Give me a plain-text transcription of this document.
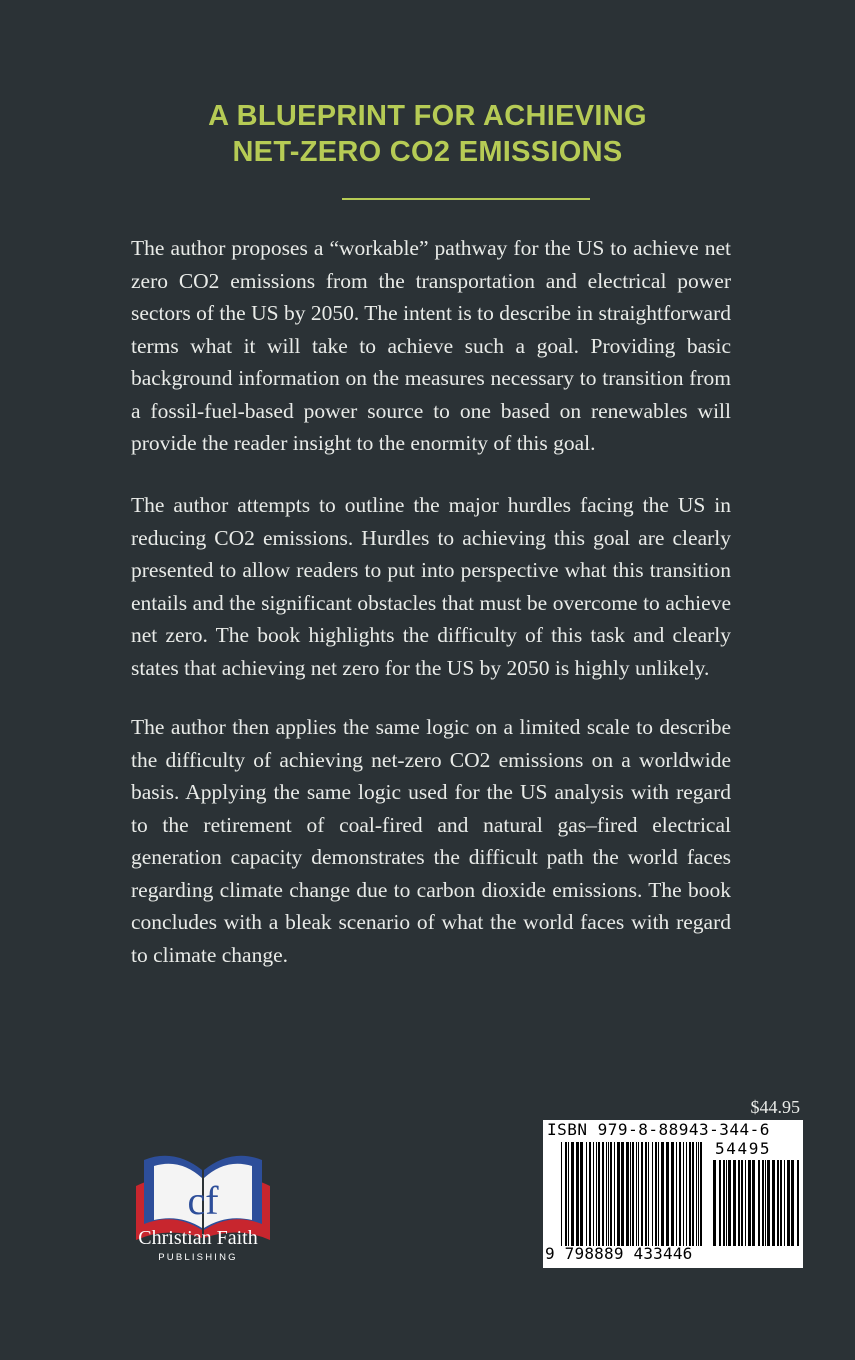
A BLUEPRINT FOR ACHIEVING
NET-ZERO CO2 EMISSIONS

The author proposes a “workable” pathway for the US to achieve net zero CO2 emissions from the transportation and electrical power sectors of the US by 2050. The intent is to describe in straightforward terms what it will take to achieve such a goal. Providing basic background information on the measures necessary to transition from a fossil-fuel-based power source to one based on renewables will provide the reader insight to the enormity of this goal.

The author attempts to outline the major hurdles facing the US in reducing CO2 emissions. Hurdles to achieving this goal are clearly presented to allow readers to put into perspective what this transition entails and the significant obstacles that must be overcome to achieve net zero. The book highlights the difficulty of this task and clearly states that achieving net zero for the US by 2050 is highly unlikely.

The author then applies the same logic on a limited scale to describe the difficulty of achieving net-zero CO2 emissions on a worldwide basis. Applying the same logic used for the US analysis with regard to the retirement of coal-fired and natural gas–fired electrical generation capacity demonstrates the difficult path the world faces regarding climate change due to carbon dioxide emissions. The book concludes with a bleak scenario of what the world faces with regard to climate change.

cf
Christian Faith
PUBLISHING
$44.95
ISBN 979-8-88943-344-6
54495
9 798889 433446
